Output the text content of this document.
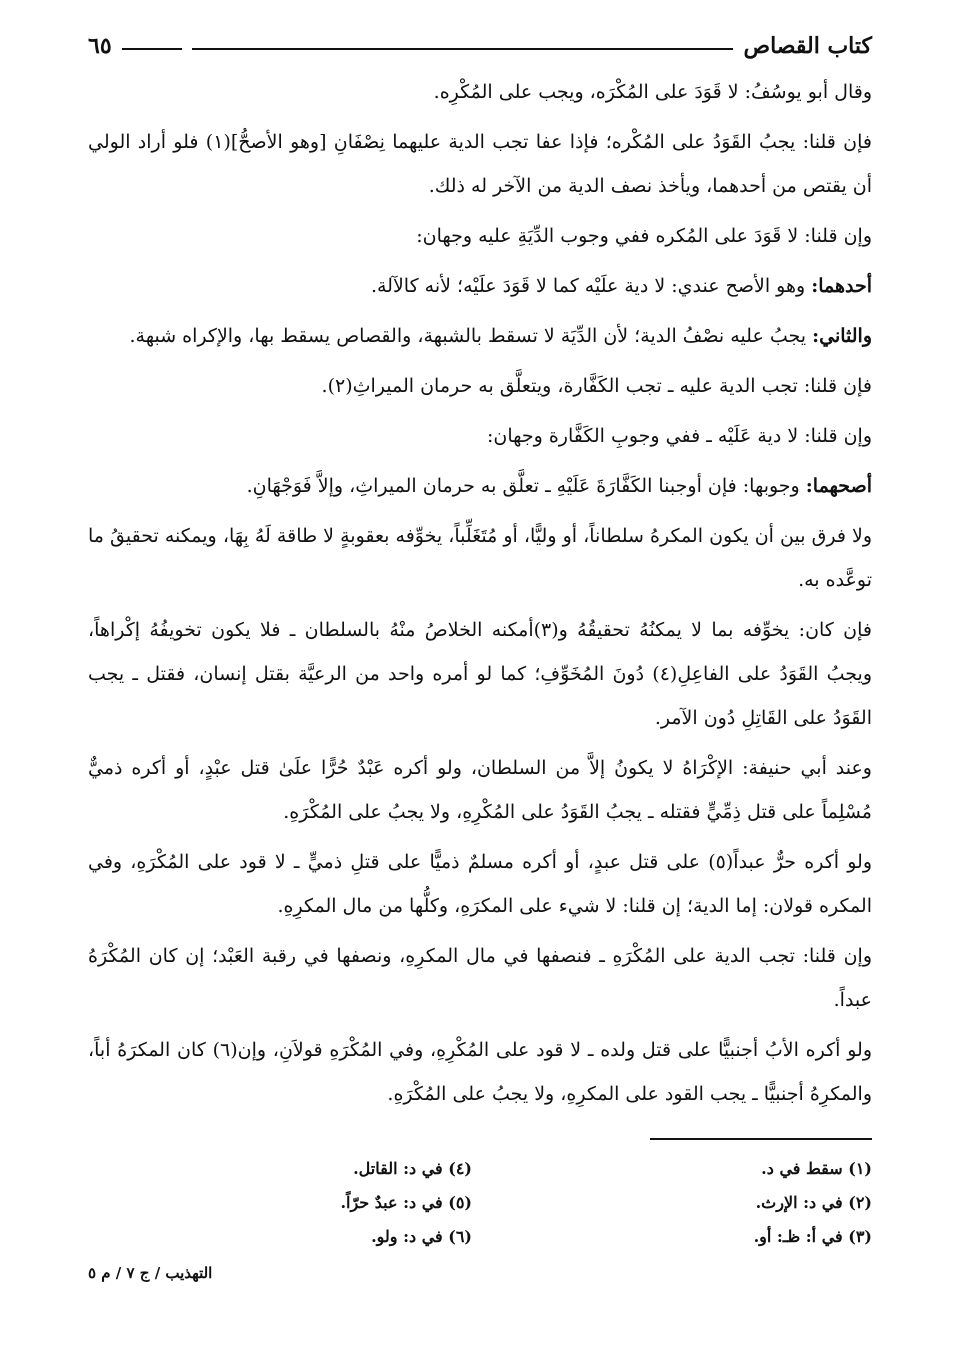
كتاب القصاص
٦٥

وقال أبو يوسُفُ: لا قَوَدَ على المُكْرَه، ويجب على المُكْرِه.

فإن قلنا: يجبُ القَوَدُ على المُكْره؛ فإذا عفا تجب الدية عليهما نِصْفَانِ [وهو الأصحُّ](١) فلو أراد الولي أن يقتص من أحدهما، ويأخذ نصف الدية من الآخر له ذلك.

وإن قلنا: لا قَوَدَ على المُكره ففي وجوب الدِّيَةِ عليه وجهان:

أحدهما: وهو الأصح عندي: لا دية علَيْه كما لا قَوَدَ علَيْه؛ لأنه كالآلة.

والثاني: يجبُ عليه نصْفُ الدية؛ لأن الدِّيَة لا تسقط بالشبهة، والقصاص يسقط بها، والإكراه شبهة.

فإن قلنا: تجب الدية عليه ـ تجب الكَفَّارة، ويتعلَّق به حرمان الميراثِ(٢).

وإن قلنا: لا دية عَلَيْه ـ ففي وجوبِ الكَفَّارة وجهان:

أصحهما: وجوبها: فإن أوجبنا الكَفَّارَةَ عَلَيْهِ ـ تعلَّق به حرمان الميراثِ، وإلاَّ فَوَجْهَانِ.

ولا فرق بين أن يكون المكرهُ سلطاناً، أو وليًّا، أو مُتَغَلِّباً، يخوِّفه بعقوبةٍ لا طاقة لَهُ بِهَا، ويمكنه تحقيقُ ما توعَّده به.

فإن كان: يخوِّفه بما لا يمكنُهُ تحقيقُهُ و(٣)أمكنه الخلاصُ منْهُ بالسلطان ـ فلا يكون تخويفُهُ إكْراهاً، ويجبُ القَوَدُ على الفاعِلِ(٤) دُونَ المُخَوِّفِ؛ كما لو أمره واحد من الرعيَّة بقتل إنسان، فقتل ـ يجب القَوَدُ على القَاتِلِ دُون الآمر.

وعند أبي حنيفة: الإكْرَاهُ لا يكونُ إلاَّ من السلطان، ولو أكره عَبْدٌ حُرًّا علَىٰ قتل عبْدٍ، أو أكره ذميٌّ مُسْلِماً على قتل ذِمِّيٍّ فقتله ـ يجبُ القَوَدُ على المُكْرِهِ، ولا يجبُ على المُكْرَهِ.

ولو أكره حرٌّ عبداً(٥) على قتل عبدٍ، أو أكره مسلمٌ ذميًّا على قتلِ ذميٍّ ـ لا قود على المُكْرَهِ، وفي المكره قولان: إما الدية؛ إن قلنا: لا شيء على المكرَهِ، وكلُّها من مال المكرِهِ.

وإن قلنا: تجب الدية على المُكْرَهِ ـ فنصفها في مال المكرِهِ، ونصفها في رقبة العَبْد؛ إن كان المُكْرَهُ عبداً.

ولو أكره الأبُ أجنبيًّا على قتل ولده ـ لا قود على المُكْرِهِ، وفي المُكْرَهِ قولاَنِ، وإن(٦) كان المكرَهُ أباً، والمكرِهُ أجنبيًّا ـ يجب القود على المكرِهِ، ولا يجبُ على المُكْرَهِ.

(١) سقط في د.
(٤) في د: القاتل.
(٢) في د: الإرث.
(٥) في د: عبدٌ حرّاً.
(٣) في أ: ظـ: أو.
(٦) في د: ولو.
التهذيب / ج ٧ / م ٥
